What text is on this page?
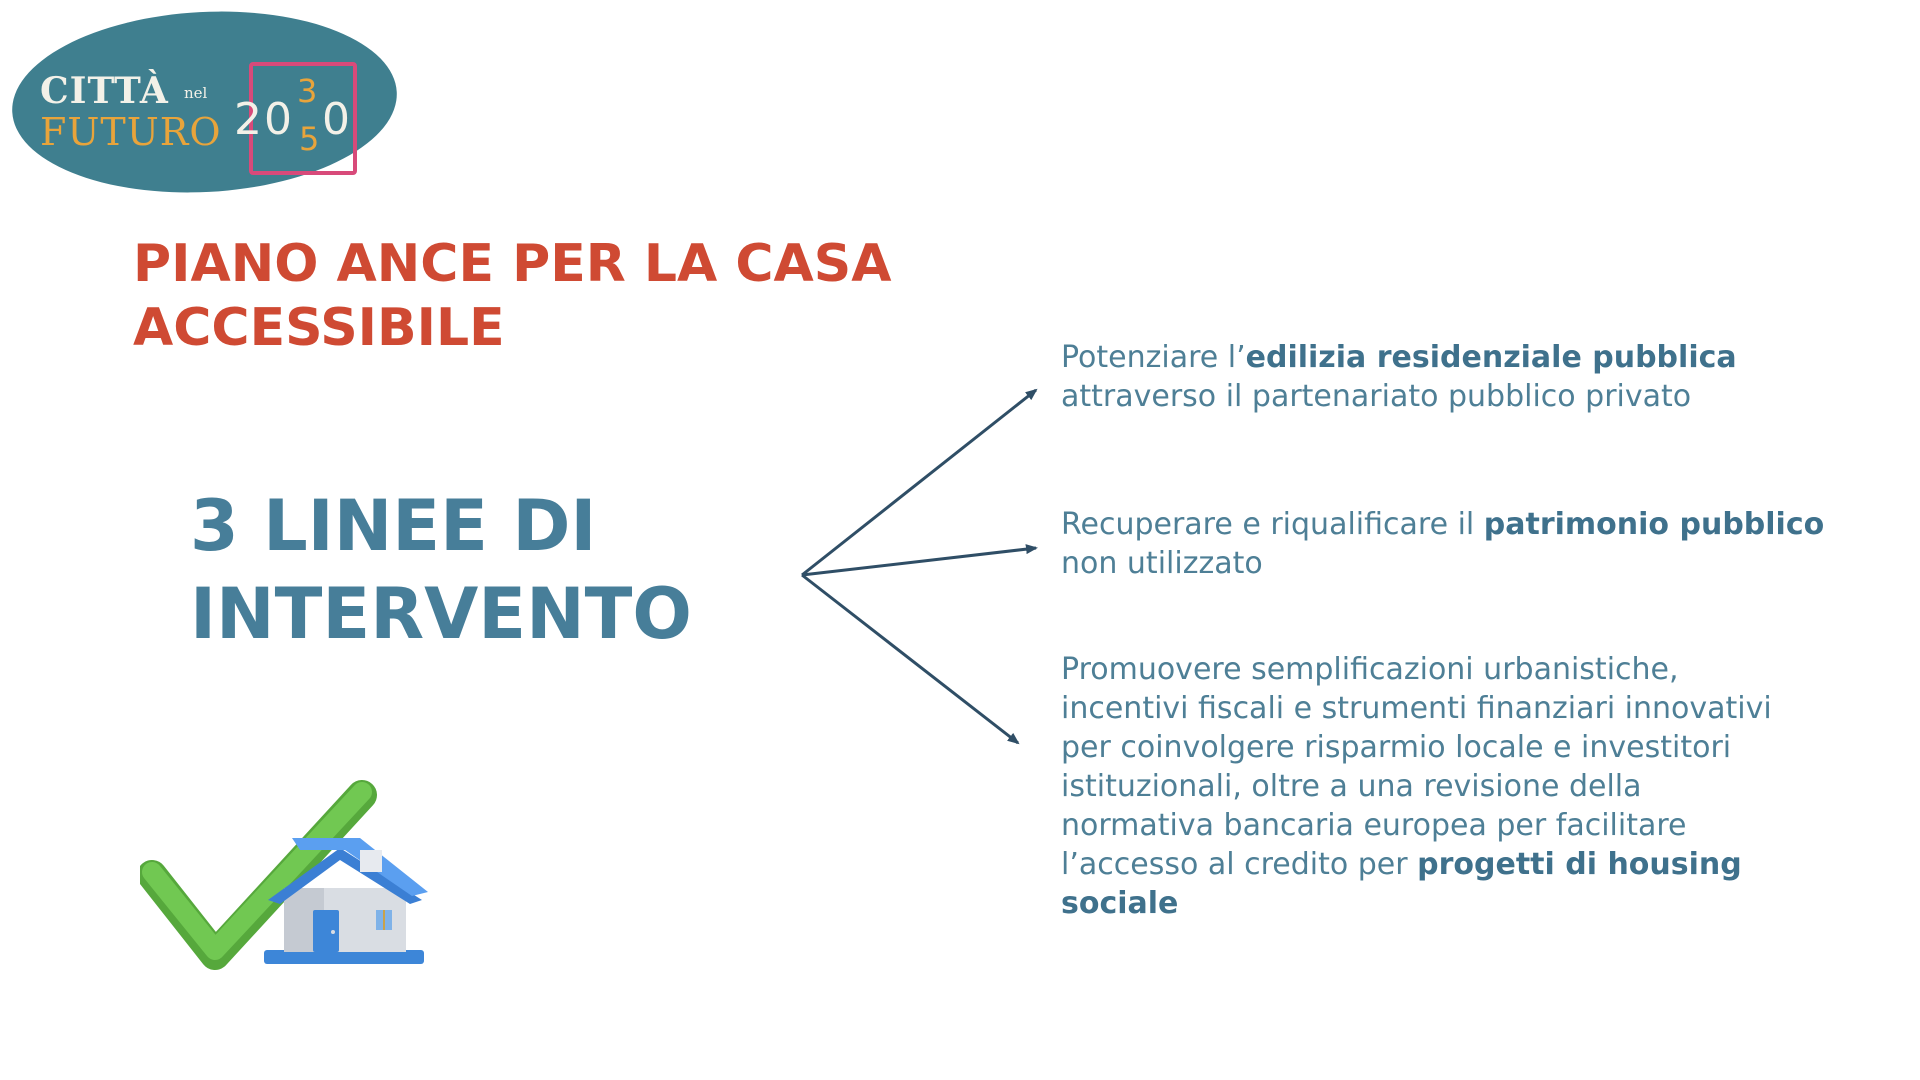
CITTÀ nel
FUTURO 20 0
3
5
PIANO ANCE PER LA CASA
ACCESSIBILE
3 LINEE DI
INTERVENTO

Potenziare l’edilizia residenziale pubblica
attraverso il partenariato pubblico privato

Recuperare e riqualificare il patrimonio pubblico
non utilizzato

Promuovere semplificazioni urbanistiche,
incentivi fiscali e strumenti finanziari innovativi
per coinvolgere risparmio locale e investitori
istituzionali, oltre a una revisione della
normativa bancaria europea per facilitare
l’accesso al credito per progetti di housing
sociale
